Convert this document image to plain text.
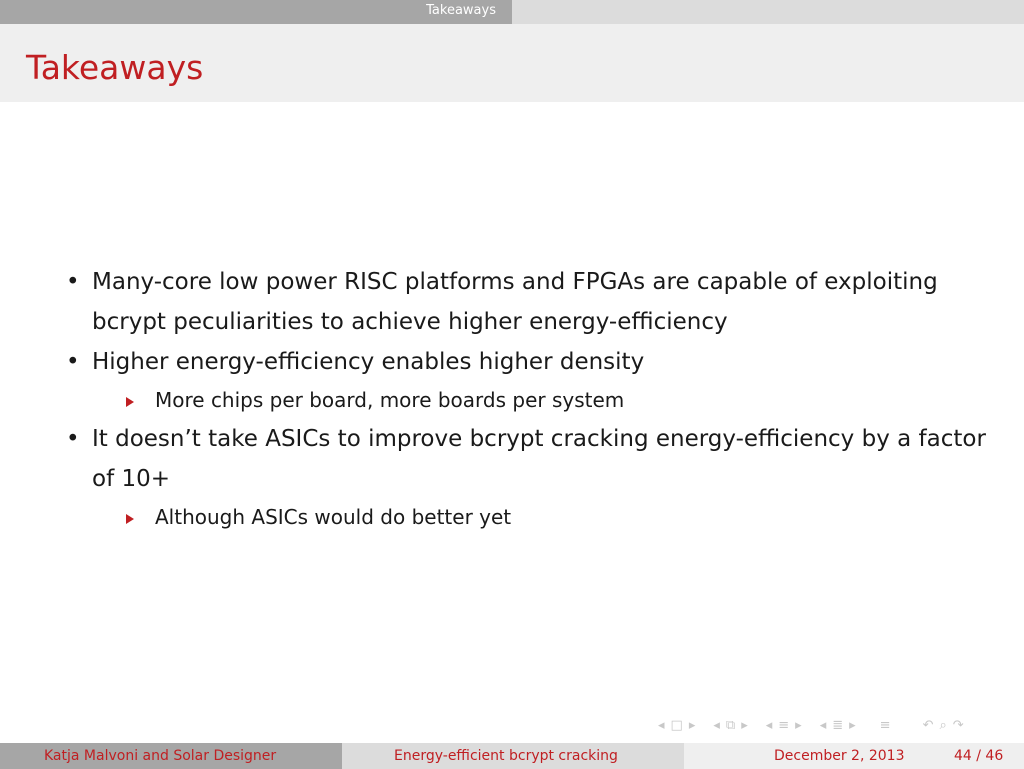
Takeaways
Takeaways
• Many-core low power RISC platforms and FPGAs are capable of exploiting bcrypt peculiarities to achieve higher energy-efficiency
• Higher energy-efficiency enables higher density
More chips per board, more boards per system
• It doesn’t take ASICs to improve bcrypt cracking energy-efficiency by a factor of 10+
Although ASICs would do better yet
◂ □ ▸ ◂ ⧉ ▸ ◂ ≡ ▸ ◂ ≣ ▸ ≡ ↶ ⌕ ↷
Katja Malvoni and Solar Designer	Energy-efficient bcrypt cracking	December 2, 2013	44 / 46
